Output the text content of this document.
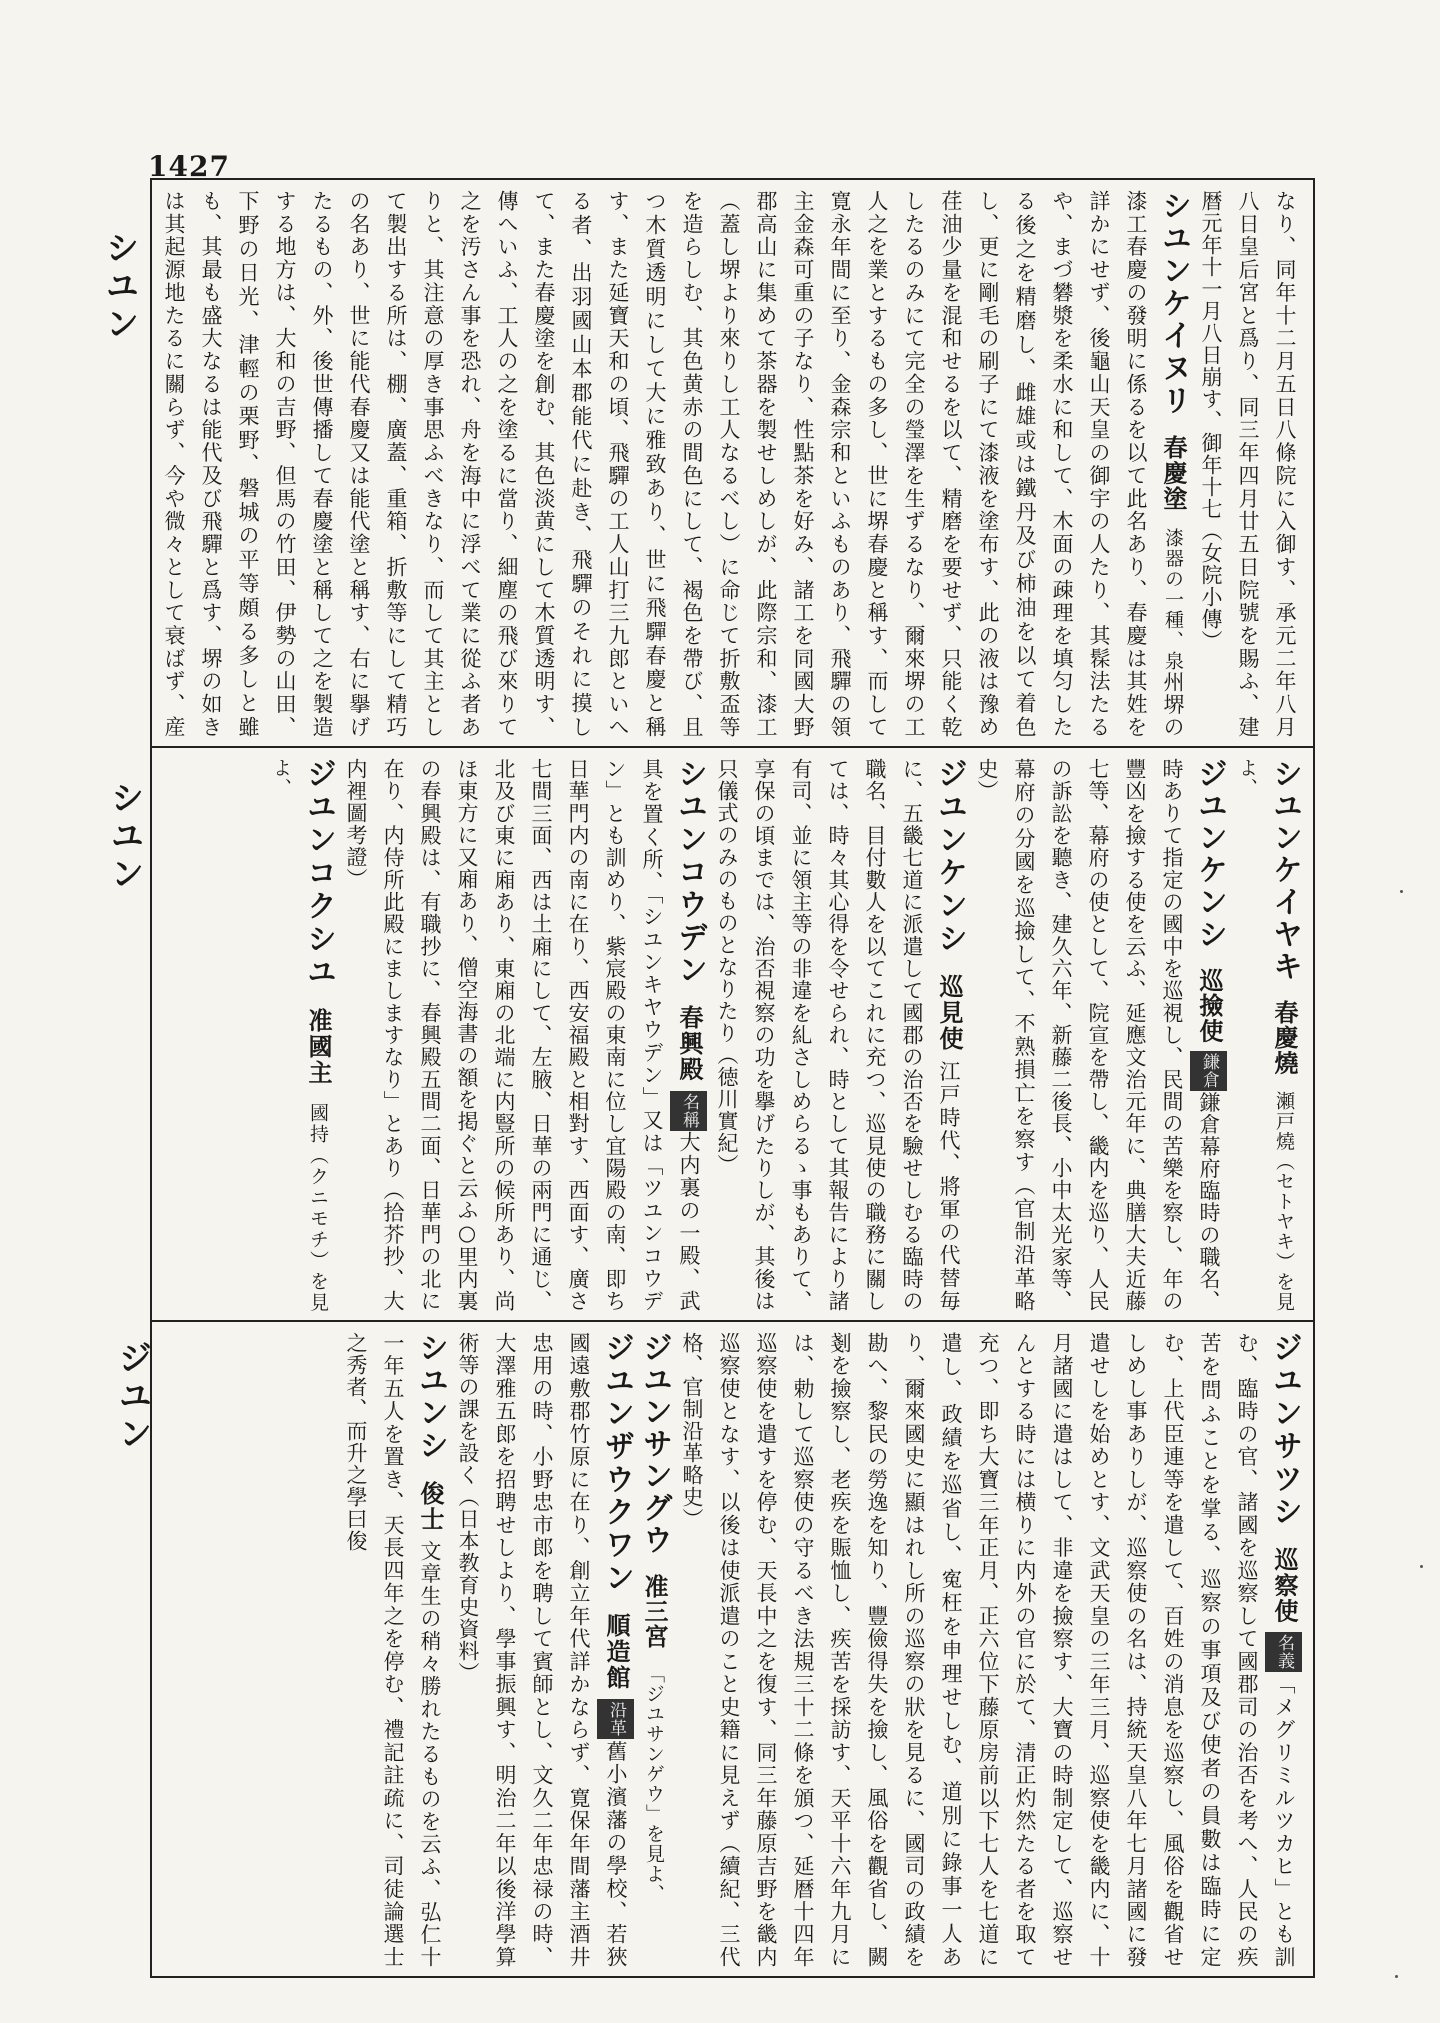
1427
シユン
シユン
ジユン

なり、同年十二月五日八條院に入御す、承元二年八月八日皇后宮と爲り、同三年四月廿五日院號を賜ふ、建暦元年十一月八日崩す、御年十七（女院小傳）

シユンケイヌリ 春慶塗 漆器の一種、泉州堺の漆工春慶の發明に係るを以て此名あり、春慶は其姓を詳かにせず、後龜山天皇の御宇の人たり、其髹法たるや、まづ礬漿を柔水に和して、木面の疎理を填匀したる後之を精磨し、雌雄或は鐵丹及び柿油を以て着色し、更に剛毛の刷子にて漆液を塗布す、此の液は豫め荏油少量を混和せるを以て、精磨を要せず、只能く乾したるのみにて完全の瑩澤を生ずるなり、爾來堺の工人之を業とするもの多し、世に堺春慶と稱す、而して寛永年間に至り、金森宗和といふものあり、飛驒の領主金森可重の子なり、性點茶を好み、諸工を同國大野郡高山に集めて茶器を製せしめしが、此際宗和、漆工（蓋し堺より來りし工人なるべし）に命じて折敷盃等を造らしむ、其色黄赤の間色にして、褐色を帶び、且つ木質透明にして大に雅致あり、世に飛驒春慶と稱す、また延寶天和の頃、飛驒の工人山打三九郎といへる者、出羽國山本郡能代に赴き、飛驒のそれに摸して、また春慶塗を創む、其色淡黄にして木質透明す、傳へいふ、工人の之を塗るに當り、細塵の飛び來りて之を汚さん事を恐れ、舟を海中に浮べて業に從ふ者ありと、其注意の厚き事思ふべきなり、而して其主として製出する所は、棚、廣蓋、重箱、折敷等にして精巧の名あり、世に能代春慶又は能代塗と稱す、右に擧げたるもの、外、後世傳播して春慶塗と稱して之を製造する地方は、大和の吉野、但馬の竹田、伊勢の山田、下野の日光、津輕の栗野、磐城の平等頗る多しと雖も、其最も盛大なるは能代及び飛驒と爲す、堺の如きは其起源地たるに關らず、今や微々として衰ばず、産

シユンケイヤキ 春慶燒 瀬戸燒（セトヤキ）を見よ、

ジユンケンシ 巡撿使 鎌倉鎌倉幕府臨時の職名、時ありて指定の國中を巡視し、民間の苦樂を察し、年の豐凶を撿する使を云ふ、延應文治元年に、典膳大夫近藤七等、幕府の使として、院宣を帶し、畿内を巡り、人民の訴訟を聽き、建久六年、新藤二後長、小中太光家等、幕府の分國を巡撿して、不熟損亡を察す（官制沿革略史）

ジユンケンシ 巡見使 江戸時代、將軍の代替毎に、五畿七道に派遣して國郡の治否を驗せしむる臨時の職名、目付數人を以てこれに充つ、巡見使の職務に關しては、時々其心得を令せられ、時として其報告により諸有司、並に領主等の非違を糺さしめらるゝ事もありて、享保の頃までは、治否視察の功を擧げたりしが、其後は只儀式のみのものとなりたり（徳川實紀）

シユンコウデン 春興殿 名稱大内裏の一殿、武具を置く所、「シユンキヤウデン」又は「ツユンコウデン」とも訓めり、紫宸殿の東南に位し宜陽殿の南、即ち日華門内の南に在り、西安福殿と相對す、西面す、廣さ七間三面、西は土廂にして、左腋、日華の兩門に通じ、北及び東に廂あり、東廂の北端に内豎所の候所あり、尚ほ東方に又廂あり、僧空海書の額を掲ぐと云ふ○里内裏の春興殿は、有職抄に、春興殿五間二面、日華門の北に在り、内侍所此殿にましますなり」とあり（拾芥抄、大内裡圖考證）

ジユンコクシユ 准國主 國持（クニモチ）を見よ、

ジユンサツシ 巡察使 名義「メグリミルツカヒ」とも訓む、臨時の官、諸國を巡察して國郡司の治否を考へ、人民の疾苦を問ふことを掌る、巡察の事項及び使者の員數は臨時に定む、上代臣連等を遣して、百姓の消息を巡察し、風俗を觀省せしめし事ありしが、巡察使の名は、持統天皇八年七月諸國に發遣せしを始めとす、文武天皇の三年三月、巡察使を畿内に、十月諸國に遣はして、非違を撿察す、大寶の時制定して、巡察せんとする時には横りに内外の官に於て、清正灼然たる者を取て充つ、即ち大寶三年正月、正六位下藤原房前以下七人を七道に遣し、政績を巡省し、寃枉を申理せしむ、道別に錄事一人あり、爾來國史に顯はれし所の巡察の狀を見るに、國司の政績を勘へ、黎民の勞逸を知り、豐儉得失を撿し、風俗を觀省し、闕剗を撿察し、老疾を賑恤し、疾苦を採訪す、天平十六年九月には、勅して巡察使の守るべき法規三十二條を頒つ、延暦十四年巡察使を遣すを停む、天長中之を復す、同三年藤原吉野を畿内巡察使となす、以後は使派遣のこと史籍に見えず（續紀、三代格、官制沿革略史）

ジユンサングウ 准三宮 「ジユサンゲウ」を見よ、

ジユンザウクワン 順造館 沿革舊小濱藩の學校、若狹國遠敷郡竹原に在り、創立年代詳かならず、寛保年間藩主酒井忠用の時、小野忠市郎を聘して賓師とし、文久二年忠禄の時、大澤雅五郎を招聘せしより、學事振興す、明治二年以後洋學算術等の課を設く（日本教育史資料）

シユンシ 俊士 文章生の稍々勝れたるものを云ふ、弘仁十一年五人を置き、天長四年之を停む、禮記註疏に、司徒論選士之秀者、而升之學曰俊
